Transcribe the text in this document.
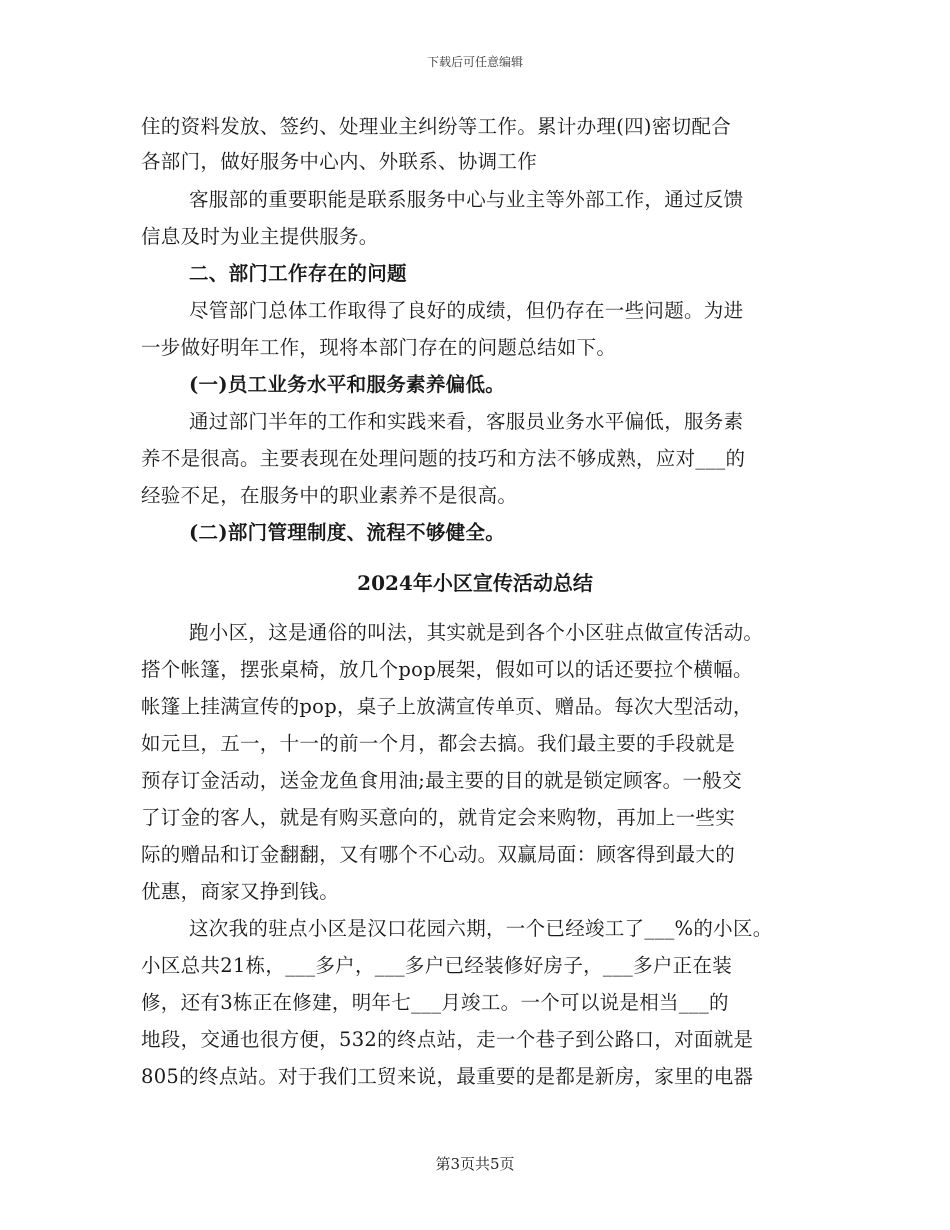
下载后可任意编辑
住的资料发放、签约、处理业主纠纷等工作。累计办理(四)密切配合
各部门，做好服务中心内、外联系、协调工作
客服部的重要职能是联系服务中心与业主等外部工作，通过反馈
信息及时为业主提供服务。
二、部门工作存在的问题
尽管部门总体工作取得了良好的成绩，但仍存在一些问题。为进
一步做好明年工作，现将本部门存在的问题总结如下。
(一)员工业务水平和服务素养偏低。
通过部门半年的工作和实践来看，客服员业务水平偏低，服务素
养不是很高。主要表现在处理问题的技巧和方法不够成熟，应对___的
经验不足，在服务中的职业素养不是很高。
(二)部门管理制度、流程不够健全。
2024年小区宣传活动总结
跑小区，这是通俗的叫法，其实就是到各个小区驻点做宣传活动。
搭个帐篷，摆张桌椅，放几个pop展架，假如可以的话还要拉个横幅。
帐篷上挂满宣传的pop，桌子上放满宣传单页、赠品。每次大型活动，
如元旦，五一，十一的前一个月，都会去搞。我们最主要的手段就是
预存订金活动，送金龙鱼食用油;最主要的目的就是锁定顾客。一般交
了订金的客人，就是有购买意向的，就肯定会来购物，再加上一些实
际的赠品和订金翻翻，又有哪个不心动。双赢局面：顾客得到最大的
优惠，商家又挣到钱。
这次我的驻点小区是汉口花园六期，一个已经竣工了___%的小区。
小区总共21栋，___多户，___多户已经装修好房子，___多户正在装
修，还有3栋正在修建，明年七___月竣工。一个可以说是相当___的
地段，交通也很方便，532的终点站，走一个巷子到公路口，对面就是
805的终点站。对于我们工贸来说，最重要的是都是新房，家里的电器
第3页共5页
